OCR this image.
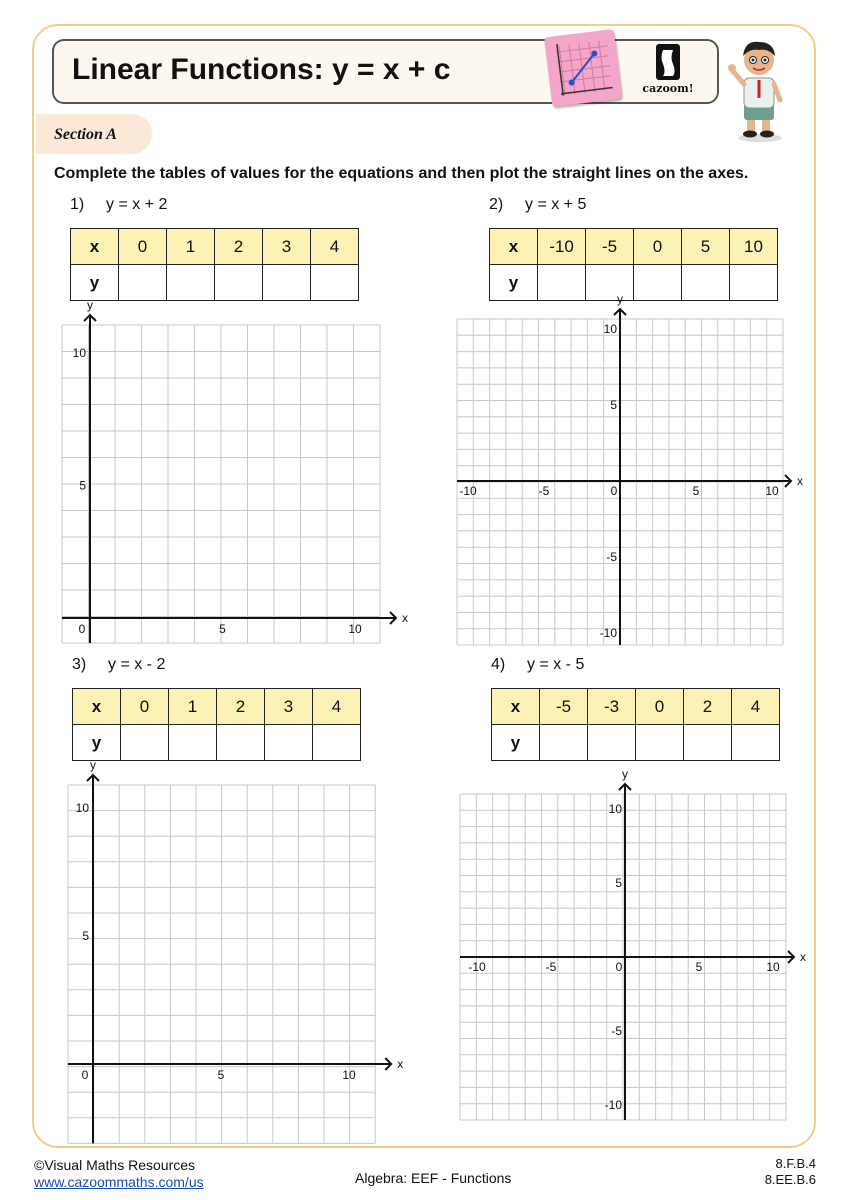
Linear Functions: y = x + c
cazoom!
Section A
Complete the tables of values for the equations and then plot the straight lines on the axes.
1) y = x + 2
x	0	1	2	3	4
y					
x
y
0	5	10
5
10
2) y = x + 5
x	-10	-5	0	5	10
y					
x
y
-10	-5	0	5	10
10
5
-5
-10
3) y = x - 2
x	0	1	2	3	4
y					
x
y
0	5	10
5
10
4) y = x - 5
x	-5	-3	0	2	4
y					
x
y
-10	-5	0	5	10
10
5
-5
-10
©Visual Maths Resources
www.cazoommaths.com/us	Algebra: EEF - Functions
8.F.B.4
8.EE.B.6
